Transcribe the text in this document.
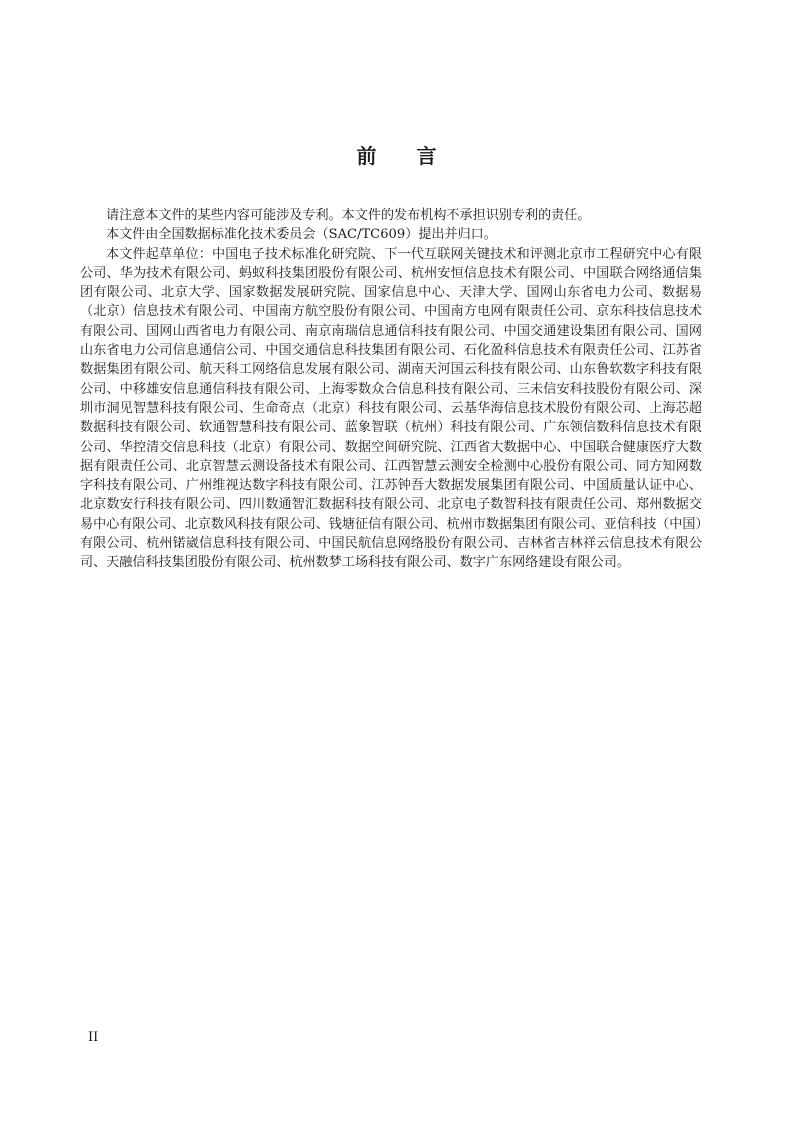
前 言

请注意本文件的某些内容可能涉及专利。本文件的发布机构不承担识别专利的责任。

本文件由全国数据标准化技术委员会（SAC/TC609）提出并归口。

本文件起草单位：中国电子技术标准化研究院、下一代互联网关键技术和评测北京市工程研究中心有限公司、华为技术有限公司、蚂蚁科技集团股份有限公司、杭州安恒信息技术有限公司、中国联合网络通信集团有限公司、北京大学、国家数据发展研究院、国家信息中心、天津大学、国网山东省电力公司、数据易（北京）信息技术有限公司、中国南方航空股份有限公司、中国南方电网有限责任公司、京东科技信息技术有限公司、国网山西省电力有限公司、南京南瑞信息通信科技有限公司、中国交通建设集团有限公司、国网山东省电力公司信息通信公司、中国交通信息科技集团有限公司、石化盈科信息技术有限责任公司、江苏省数据集团有限公司、航天科工网络信息发展有限公司、湖南天河国云科技有限公司、山东鲁软数字科技有限公司、中移雄安信息通信科技有限公司、上海零数众合信息科技有限公司、三未信安科技股份有限公司、深圳市洞见智慧科技有限公司、生命奇点（北京）科技有限公司、云基华海信息技术股份有限公司、上海芯超数据科技有限公司、软通智慧科技有限公司、蓝象智联（杭州）科技有限公司、广东领信数科信息技术有限公司、华控清交信息科技（北京）有限公司、数据空间研究院、江西省大数据中心、中国联合健康医疗大数据有限责任公司、北京智慧云测设备技术有限公司、江西智慧云测安全检测中心股份有限公司、同方知网数字科技有限公司、广州维视达数字科技有限公司、江苏钟吾大数据发展集团有限公司、中国质量认证中心、北京数安行科技有限公司、四川数通智汇数据科技有限公司、北京电子数智科技有限责任公司、郑州数据交易中心有限公司、北京数风科技有限公司、钱塘征信有限公司、杭州市数据集团有限公司、亚信科技（中国）有限公司、杭州锘崴信息科技有限公司、中国民航信息网络股份有限公司、吉林省吉林祥云信息技术有限公司、天融信科技集团股份有限公司、杭州数梦工场科技有限公司、数字广东网络建设有限公司。

II
